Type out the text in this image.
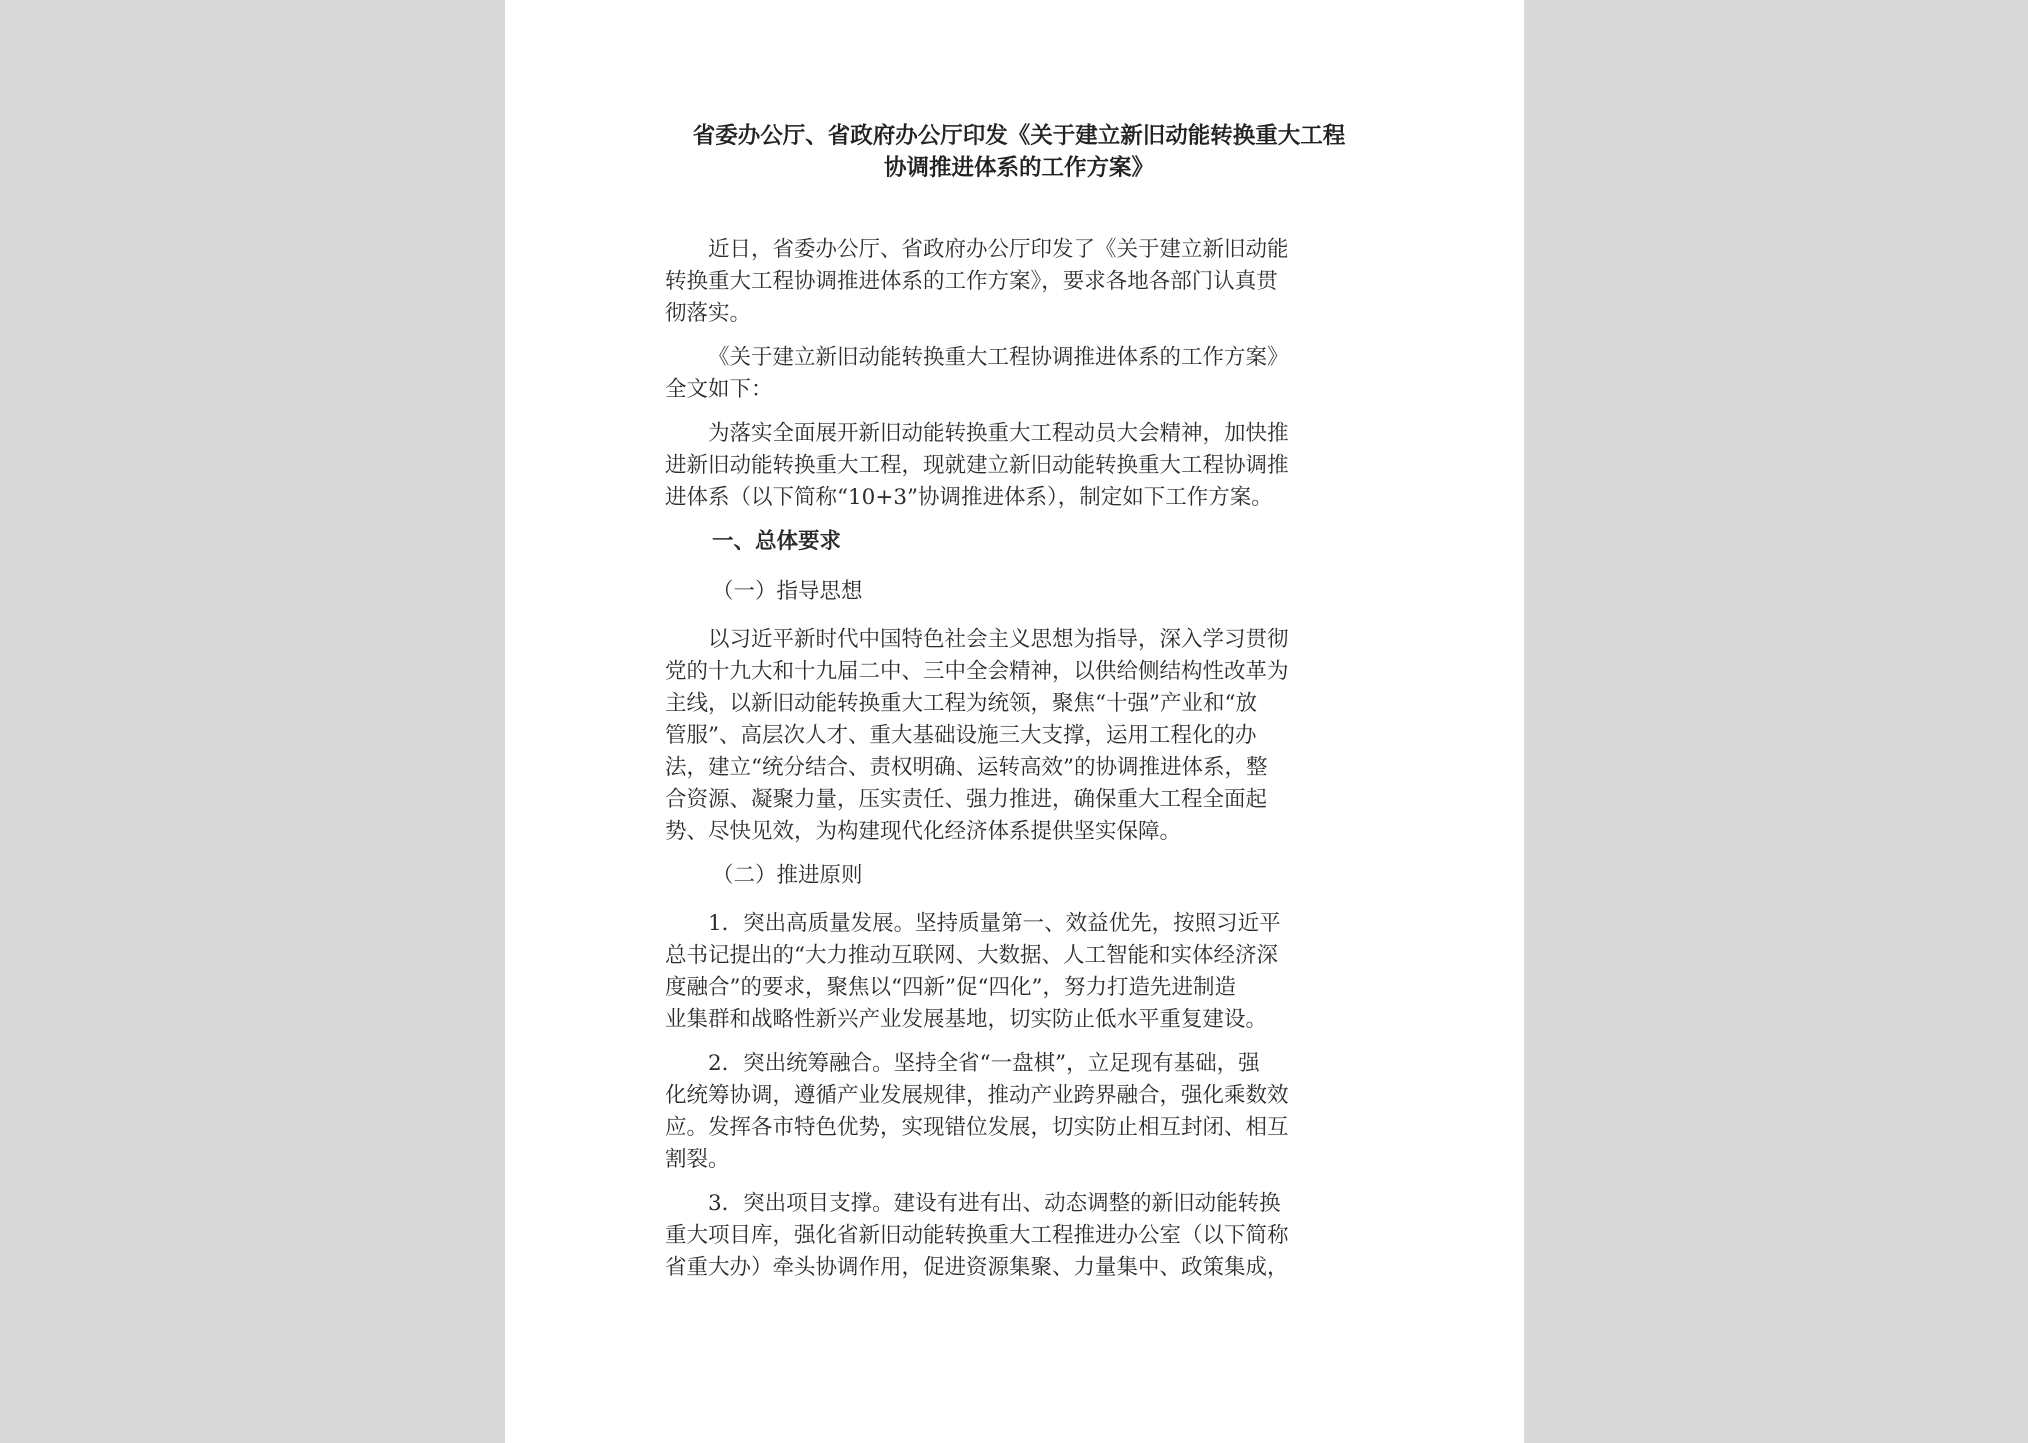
省委办公厅、省政府办公厅印发《关于建立新旧动能转换重大工程
协调推进体系的工作方案》

近日，省委办公厅、省政府办公厅印发了《关于建立新旧动能
转换重大工程协调推进体系的工作方案》，要求各地各部门认真贯
彻落实。

《关于建立新旧动能转换重大工程协调推进体系的工作方案》
全文如下：

为落实全面展开新旧动能转换重大工程动员大会精神，加快推
进新旧动能转换重大工程，现就建立新旧动能转换重大工程协调推
进体系（以下简称“10+3”协调推进体系），制定如下工作方案。

一、总体要求
（一）指导思想

以习近平新时代中国特色社会主义思想为指导，深入学习贯彻
党的十九大和十九届二中、三中全会精神，以供给侧结构性改革为
主线，以新旧动能转换重大工程为统领，聚焦“十强”产业和“放
管服”、高层次人才、重大基础设施三大支撑，运用工程化的办
法，建立“统分结合、责权明确、运转高效”的协调推进体系，整
合资源、凝聚力量，压实责任、强力推进，确保重大工程全面起
势、尽快见效，为构建现代化经济体系提供坚实保障。

（二）推进原则

1．突出高质量发展。坚持质量第一、效益优先，按照习近平
总书记提出的“大力推动互联网、大数据、人工智能和实体经济深
度融合”的要求，聚焦以“四新”促“四化”，努力打造先进制造
业集群和战略性新兴产业发展基地，切实防止低水平重复建设。

2．突出统筹融合。坚持全省“一盘棋”，立足现有基础，强
化统筹协调，遵循产业发展规律，推动产业跨界融合，强化乘数效
应。发挥各市特色优势，实现错位发展，切实防止相互封闭、相互
割裂。

3．突出项目支撑。建设有进有出、动态调整的新旧动能转换
重大项目库，强化省新旧动能转换重大工程推进办公室（以下简称
省重大办）牵头协调作用，促进资源集聚、力量集中、政策集成，
